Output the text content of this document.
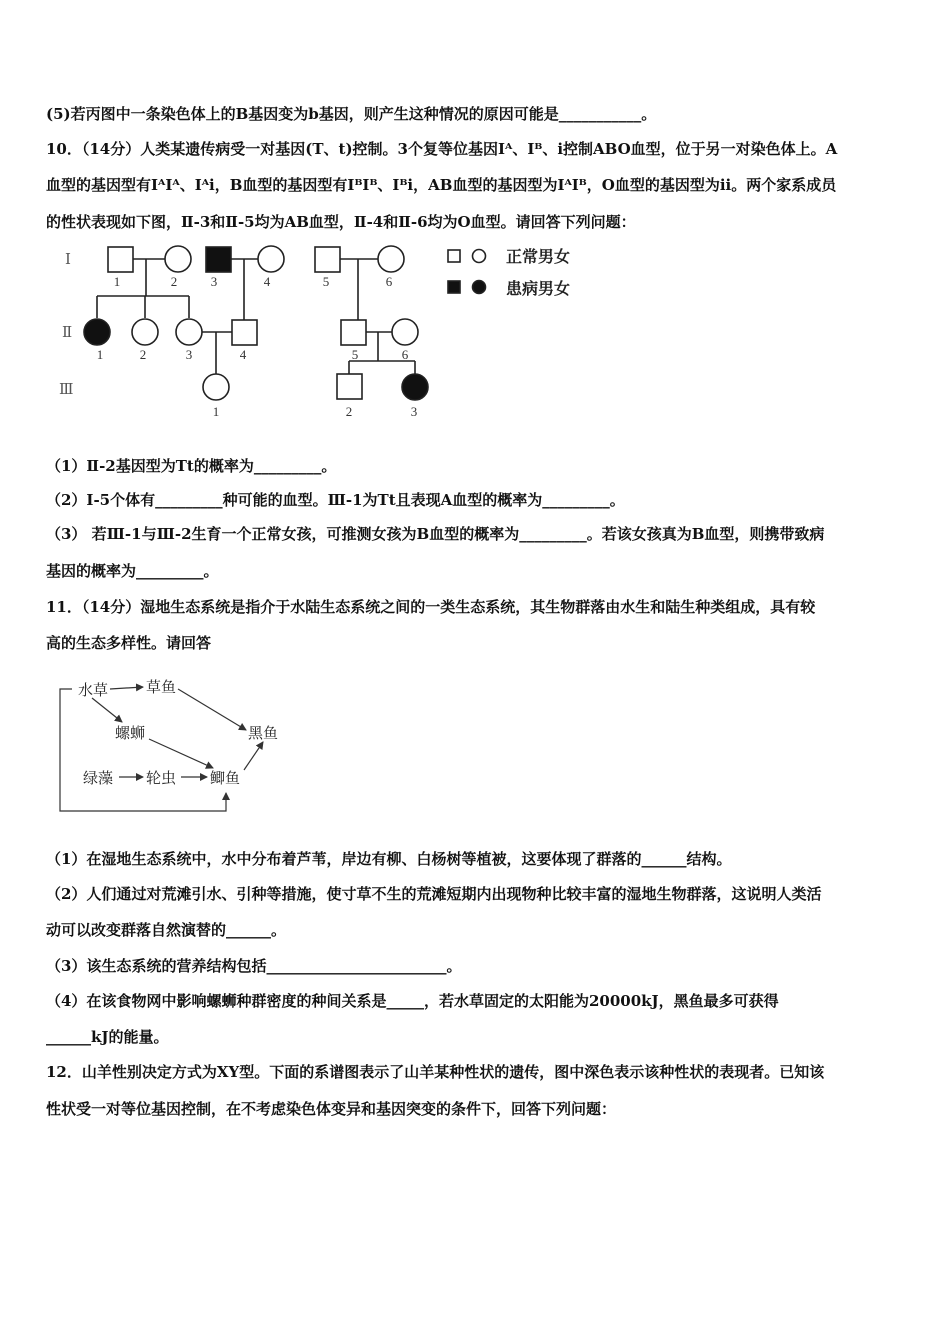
(5)若丙图中一条染色体上的B基因变为b基因，则产生这种情况的原因可能是___________。
10．（14分）人类某遗传病受一对基因(T、t)控制。3个复等位基因Iᴬ、Iᴮ、i控制ABO血型，位于另一对染色体上。A
血型的基因型有IᴬIᴬ、Iᴬi，B血型的基因型有IᴮIᴮ、Iᴮi，AB血型的基因型为IᴬIᴮ，O血型的基因型为ii。两个家系成员
的性状表现如下图，Ⅱ-3和Ⅱ-5均为AB血型，Ⅱ-4和Ⅱ-6均为O血型。请回答下列问题：
Ⅰ
Ⅱ
Ⅲ
1	2	3	4	5	6
1	2	3	4	5	6
1	2	3
正常男女
患病男女
（1）Ⅱ-2基因型为Tt的概率为_________。
（2）Ⅰ-5个体有_________种可能的血型。Ⅲ-1为Tt且表现A血型的概率为_________。
（3） 若Ⅲ-1与Ⅲ-2生育一个正常女孩，可推测女孩为B血型的概率为_________。若该女孩真为B血型，则携带致病
基因的概率为_________。
11．（14分）湿地生态系统是指介于水陆生态系统之间的一类生态系统，其生物群落由水生和陆生种类组成，具有较
高的生态多样性。请回答
水草	草鱼
螺蛳	黑鱼
绿藻 轮虫 鲫鱼
（1）在湿地生态系统中，水中分布着芦苇，岸边有柳、白杨树等植被，这要体现了群落的______结构。
（2）人们通过对荒滩引水、引种等措施，使寸草不生的荒滩短期内出现物种比较丰富的湿地生物群落，这说明人类活
动可以改变群落自然演替的______。
（3）该生态系统的营养结构包括________________________。
（4）在该食物网中影响螺蛳种群密度的种间关系是_____，若水草固定的太阳能为20000kJ，黑鱼最多可获得
______kJ的能量。
12．山羊性别决定方式为XY型。下面的系谱图表示了山羊某种性状的遗传，图中深色表示该种性状的表现者。已知该
性状受一对等位基因控制，在不考虑染色体变异和基因突变的条件下，回答下列问题：
